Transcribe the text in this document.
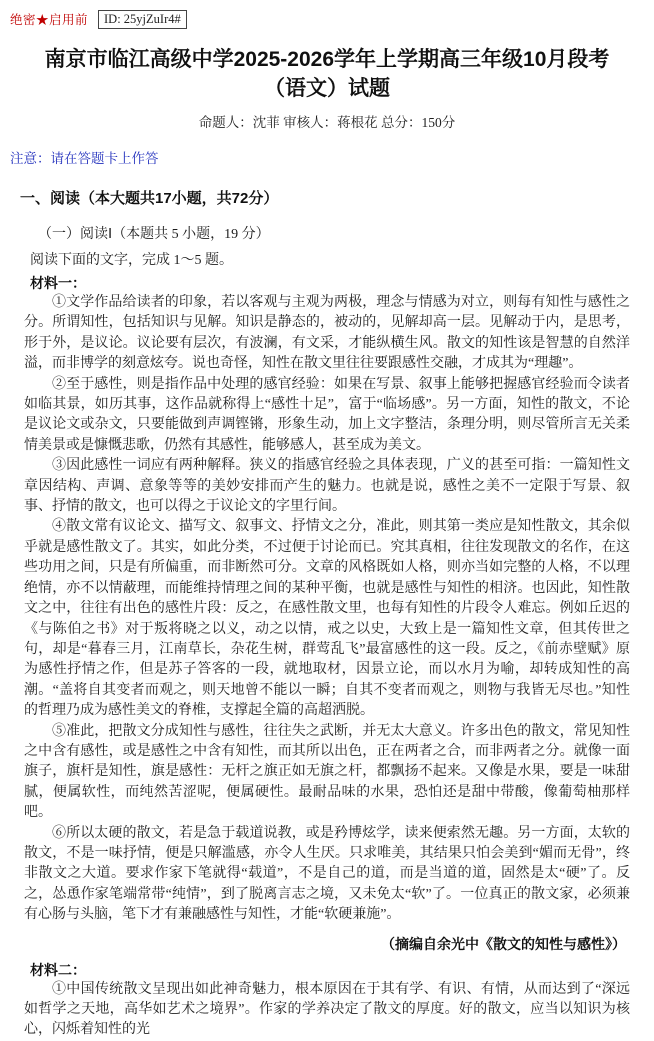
绝密★启用前	ID: 25yjZuIr4#
南京市临江高级中学2025-2026学年上学期高三年级10月段考
（语文）试题
命题人：沈菲 审核人：蒋根花 总分：150分
注意：请在答题卡上作答
一、阅读（本大题共17小题，共72分）
（一）阅读Ⅰ（本题共 5 小题，19 分）
阅读下面的文字，完成 1～5 题。
材料一：
①文学作品给读者的印象，若以客观与主观为两极，理念与情感为对立，则每有知性与感性之分。所谓知性，包括知识与见解。知识是静态的，被动的，见解却高一层。见解动于内，是思考，形于外，是议论。议论要有层次，有波澜，有文采，才能纵横生风。散文的知性该是智慧的自然洋溢，而非博学的刻意炫夸。说也奇怪，知性在散文里往往要跟感性交融，才成其为“理趣”。
②至于感性，则是指作品中处理的感官经验：如果在写景、叙事上能够把握感官经验而令读者如临其景，如历其事，这作品就称得上“感性十足”，富于“临场感”。另一方面，知性的散文，不论是议论文或杂文，只要能做到声调铿锵，形象生动，加上文字整洁，条理分明，则尽管所言无关柔情美景或是慷慨悲歌，仍然有其感性，能够感人，甚至成为美文。
③因此感性一词应有两种解释。狭义的指感官经验之具体表现，广义的甚至可指：一篇知性文章因结构、声调、意象等等的美妙安排而产生的魅力。也就是说，感性之美不一定限于写景、叙事、抒情的散文，也可以得之于议论文的字里行间。
④散文常有议论文、描写文、叙事文、抒情文之分，准此，则其第一类应是知性散文，其余似乎就是感性散文了。其实，如此分类，不过便于讨论而已。究其真相，往往发现散文的名作，在这些功用之间，只是有所偏重，而非断然可分。文章的风格既如人格，则亦当如完整的人格，不以理绝情，亦不以情蔽理，而能维持情理之间的某种平衡，也就是感性与知性的相济。也因此，知性散文之中，往往有出色的感性片段：反之，在感性散文里，也每有知性的片段令人难忘。例如丘迟的《与陈伯之书》对于叛将晓之以义，动之以情，戒之以史，大致上是一篇知性文章，但其传世之句，却是“暮春三月，江南草长，杂花生树，群莺乱飞”最富感性的这一段。反之，《前赤壁赋》原为感性抒情之作，但是苏子答客的一段，就地取材，因景立论，而以水月为喻，却转成知性的高潮。“盖将自其变者而观之，则天地曾不能以一瞬；自其不变者而观之，则物与我皆无尽也。”知性的哲理乃成为感性美文的脊椎，支撑起全篇的高超洒脱。
⑤准此，把散文分成知性与感性，往往失之武断，并无太大意义。许多出色的散文，常见知性之中含有感性，或是感性之中含有知性，而其所以出色，正在两者之合，而非两者之分。就像一面旗子，旗杆是知性，旗是感性：无杆之旗正如无旗之杆，都飘扬不起来。又像是水果，要是一味甜腻，便属软性，而纯然苦涩呢，便属硬性。最耐品味的水果，恐怕还是甜中带酸，像葡萄柚那样吧。
⑥所以太硬的散文，若是急于载道说教，或是矜博炫学，读来便索然无趣。另一方面，太软的散文，不是一味抒情，便是只解滥感，亦令人生厌。只求唯美，其结果只怕会美到“媚而无骨”，终非散文之大道。要求作家下笔就得“载道”，不是自己的道，而是当道的道，固然是太“硬”了。反之，怂恿作家笔端常带“纯情”，到了脱离言志之境，又未免太“软”了。一位真正的散文家，必须兼有心肠与头脑，笔下才有兼融感性与知性，才能“软硬兼施”。
（摘编自余光中《散文的知性与感性》）
材料二：
①中国传统散文呈现出如此神奇魅力，根本原因在于其有学、有识、有情，从而达到了“深远如哲学之天地，高华如艺术之境界”。作家的学养决定了散文的厚度。好的散文，应当以知识为核心，闪烁着知性的光
